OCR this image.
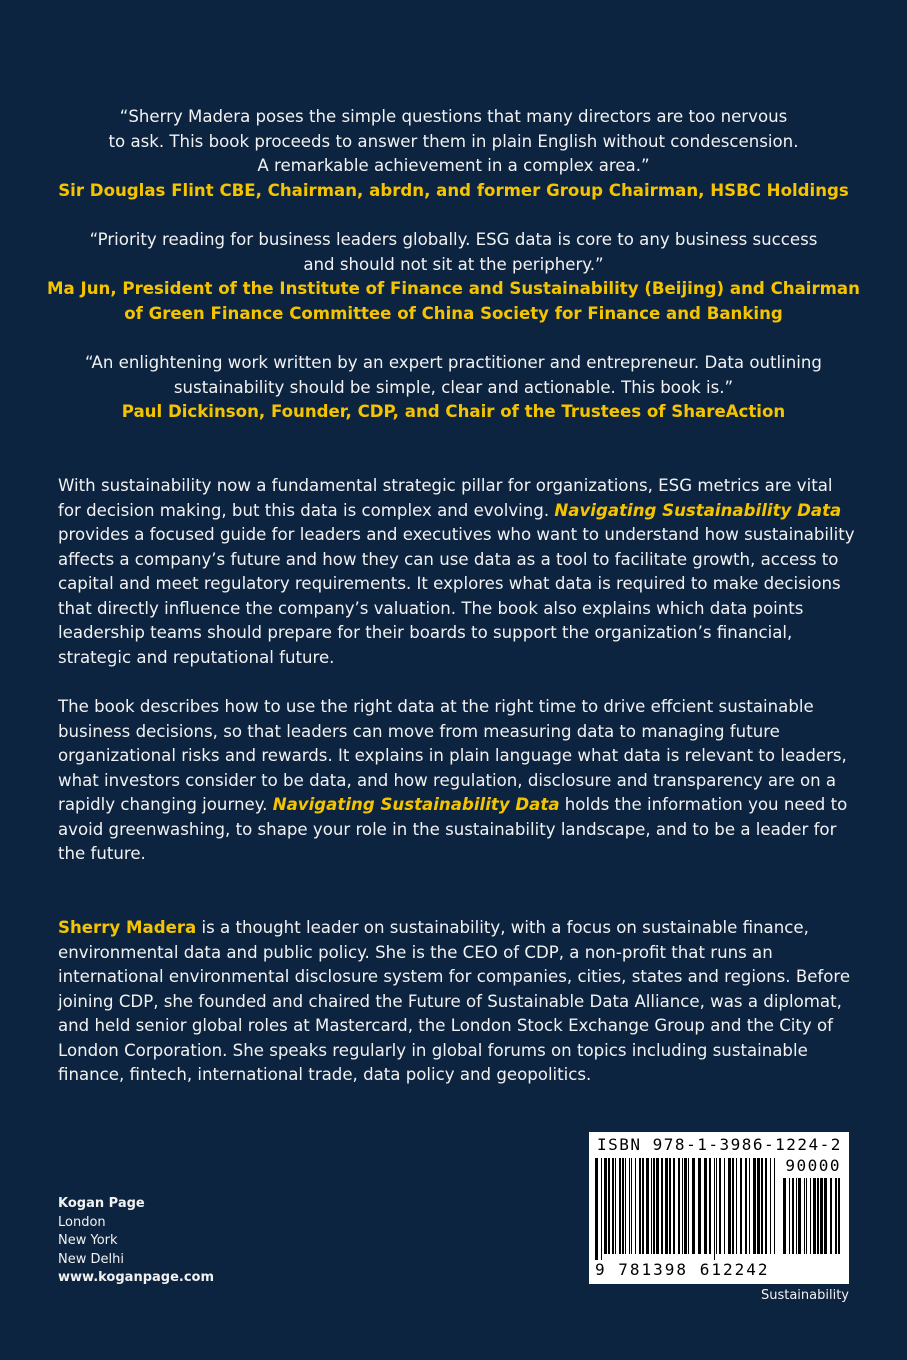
“Sherry Madera poses the simple questions that many directors are too nervous
to ask. This book proceeds to answer them in plain English without condescension.
A remarkable achievement in a complex area.”
Sir Douglas Flint CBE, Chairman, abrdn, and former Group Chairman, HSBC Holdings
“Priority reading for business leaders globally. ESG data is core to any business success
and should not sit at the periphery.”
Ma Jun, President of the Institute of Finance and Sustainability (Beijing) and Chairman
of Green Finance Committee of China Society for Finance and Banking
“An enlightening work written by an expert practitioner and entrepreneur. Data outlining
sustainability should be simple, clear and actionable. This book is.”
Paul Dickinson, Founder, CDP, and Chair of the Trustees of ShareAction
With sustainability now a fundamental strategic pillar for organizations, ESG metrics are vital for decision making, but this data is complex and evolving. Navigating Sustainability Data provides a focused guide for leaders and executives who want to understand how sustainability affects a company’s future and how they can use data as a tool to facilitate growth, access to capital and meet regulatory requirements. It explores what data is required to make decisions that directly influence the company’s valuation. The book also explains which data points leadership teams should prepare for their boards to support the organization’s financial, strategic and reputational future.
The book describes how to use the right data at the right time to drive effcient sustainable business decisions, so that leaders can move from measuring data to managing future organizational risks and rewards. It explains in plain language what data is relevant to leaders, what investors consider to be data, and how regulation, disclosure and transparency are on a rapidly changing journey. Navigating Sustainability Data holds the information you need to avoid greenwashing, to shape your role in the sustainability landscape, and to be a leader for the future.
Sherry Madera is a thought leader on sustainability, with a focus on sustainable finance, environmental data and public policy. She is the CEO of CDP, a non-profit that runs an international environmental disclosure system for companies, cities, states and regions. Before joining CDP, she founded and chaired the Future of Sustainable Data Alliance, was a diplomat, and held senior global roles at Mastercard, the London Stock Exchange Group and the City of London Corporation. She speaks regularly in global forums on topics including sustainable finance, fintech, international trade, data policy and geopolitics.
Kogan Page
London
New York
New Delhi
www.koganpage.com
ISBN 978-1-3986-1224-2
90000
9 781398 612242
Sustainability
